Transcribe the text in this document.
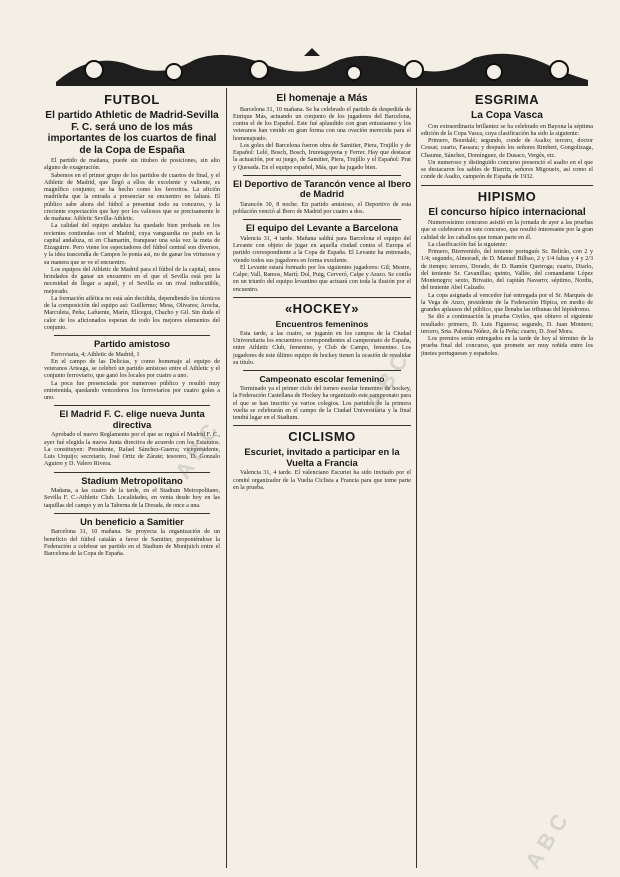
FUTBOL
El partido Athletic de Madrid-Sevilla F. C. será uno de los más importantes de los cuartos de final de la Copa de España

El partido de mañana, puede sin titubeo de posiciones, sin alto alguno de exageración.

Sabemos en el primer grupo de los partidos de cuartos de final, y el Athletic de Madrid, que llegó a ellos de excelente y valiente, es magnífico conjunto; se ha hecho como los favoritos. La afición madrileña que la entrada a presenciar su encuentro no faltará. El público sabe ahora del fútbol a presentar todo su concurso, y la creciente expectación que hay por los valiosos que se precisamente le de mañana: Athletic Sevilla-Athletic.

La calidad del equipo andaluz ha quedado bien probada en los recientes contiendas con el Madrid, cuya vanguardia no pudo en la capital andaluza, ni en Chamartín, franquear una sola vez la meta de Eizaguirre. Pero viene los espectadores del fútbol central son diversos, y la idea trascendía de Campos lo ponía así, no de ganar los virtuosos y su manera que se ve el encuentro.

Los equipos del Athletic de Madrid para el fútbol de la capital, unos brindados de ganar un encuentro en el que el Sevilla está por la necesidad de llegar a aquél, y el Sevilla es un rival indiscutible, mejorado.

La formación atlética no está aún decidida, dependiendo los técnicos de la composición del equipo así: Guillermo; Mesa, Olivares; Arocha, Marculeta, Peña; Lafuente, Marín, Elícegui, Chacho y Gil. Sin duda el calor de los aficionados esperan de todo los mejores elementos del conjunto.

Partido amistoso

Ferroviaria, 4; Athletic de Madrid, 1

En el campo de las Delicias, y como homenaje al equipo de veteranos Arteaga, se celebró un partido amistoso entre el Athletic y el conjunto ferroviario, que ganó los locales por cuatro a uno.

La poca fue presenciada por numeroso público y resultó muy entretenida, quedando vencedores los ferroviarios por cuatro goles a uno.

El Madrid F. C. elige nueva Junta directiva

Aprobado el nuevo Reglamento por el que se regirá el Madrid F. C., ayer fué elegida la nueva Junta directiva de acuerdo con los Estatutos. La constituyen: Presidente, Rafael Sánchez-Guerra; vicepresidente, Luis Urquijo; secretario, José Ortiz de Zárate; tesorero, D. Gonzalo Aguirre y D. Valero Rivera.

Stadium Metropolitano

Mañana, a las cuatro de la tarde, en el Stadium Metropolitano, Sevilla F. C.-Athletic Club. Localidades, en venta desde hoy en las taquillas del campo y en la Taberna de la Dorada, de once a una.

Un beneficio a Samitier

Barcelona 31, 10 mañana. Se proyecta la organización de un beneficio del fútbol catalán a favor de Samitier, proponiéndose la Federación a celebrar un partido en el Stadium de Montjuich entre el Barcelona de la Copa de España.

El homenaje a Más

Barcelona 31, 10 mañana. Se ha celebrado el partido de despedida de Enrique Más, actuando un conjunto de los jugadores del Barcelona, contra el de los Español. Este fué aplaudido con gran entusiasmo y los veteranos han venido en gran forma con una ovación merecida para el homenajeado.

Los goles del Barcelona fueron obra de Samitier, Piera, Trujillo y de Español: Lelé, Bosch, Bosch, Iruretagoyena y Ferrer. Hay que destacar la actuación, por su juego, de Samitier, Piera, Trujillo y el Español: Prat y Quesada. En el equipo español, Más, que ha jugado bien.

El Deportivo de Tarancón vence al Ibero de Madrid

Tarancón 30, 8 noche. En partido amistoso, el Deportivo de esta población venció al Ibero de Madrid por cuatro a dos.

El equipo del Levante a Barcelona

Valencia 31, 4 tarde. Mañana saldrá para Barcelona el equipo del Levante con objeto de jugar en aquella ciudad contra el Europa el partido correspondiente a la Copa de España. El Levante ha entrenado, viendo todos sus jugadores en forma excelente.

El Levante estará formado por los siguientes jugadores: Gil; Mestre, Calpe; Vall, Ramos, Martí; Dol, Puig, Cerveró, Calpe y Arazo. Se confía en un triunfo del equipo levantino que actuará con toda la ilusión por el encuentro.

«HOCKEY»
Encuentros femeninos

Esta tarde, a las cuatro, se jugarán en los campos de la Ciudad Universitaria los encuentros correspondientes al campeonato de España, entre Athletic Club, femenino, y Club de Campo, femenino. Los jugadores de este último equipo de hockey tienen la ocasión de revalidar su título.

Campeonato escolar femenino

Terminado ya el primer ciclo del torneo escolar femenino de hockey, la Federación Castellana de Hockey ha organizado este campeonato para el que se han inscrito ya varios colegios. Los partidos de la primera vuelta se celebrarán en el campo de la Ciudad Universitaria y la final tendrá lugar en el Stadium.

CICLISMO
Escuriet, invitado a participar en la Vuelta a Francia

Valencia 31, 4 tarde. El valenciano Escuriet ha sido invitado por el comité organizador de la Vuelta Ciclista a Francia para que tome parte en la prueba.

ESGRIMA
La Copa Vasca

Con extraordinaria brillantez se ha celebrado en Bayona la séptima edición de la Copa Vasca, cuya clasificación ha sido la siguiente:

Primero, Bourdalé; segundo, conde de Asalto; tercero, doctor Cessat; cuarto, Fassara; y después los señores Rimbert, Gongolizaga, Chaume, Sánchez, Domínguez, de Dusaco, Vergès, etc.

Un numeroso y distinguido concurso presenció el asalto en el que se destacaron los sables de Biarritz, señores Migoueix, así como el conde de Asalto, campeón de España de 1932.

HIPISMO
El concurso hípico internacional

Numerosísimo concurso asistió en la jornada de ayer a las pruebas que se celebraron en este concurso, que resultó interesante por la gran calidad de los caballos que toman parte en él.

La clasificación fué la siguiente:

Primero, Bienvenido, del teniente portugués Sr. Beltrão, con 2 y 1/4; segundo, Almoradí, de D. Manuel Bilbao, 2 y 1/4 faltas y 4 y 2/3 de tiempo; tercero, Dorado, de D. Ramón Queiroga; cuarto, Diarlo, del teniente Sr. Cavanillas; quinto, Vallée, del comandante López Montenegro; sexto, Brivatio, del capitán Navarro; séptimo, Nordis, del teniente Abel Calzado.

La copa asignada al vencedor fué entregada por el Sr. Marqués de la Vega de Anzo, presidente de la Federación Hípica, en medio de grandes aplausos del público, que llenaba las tribunas del hipódromo.

Se dió a continuación la prueba Civiles, que obtuvo el siguiente resultado: primero, D. Luis Figueroa; segundo, D. Juan Montero; tercero, Srta. Paloma Núñez, de la Peña; cuarto, D. José Mora.

Los premios serán entregados en la tarde de hoy al término de la prueba final del concurso, que promete ser muy reñida entre los jinetes portugueses y españoles.

ABC
ABC
ABC
